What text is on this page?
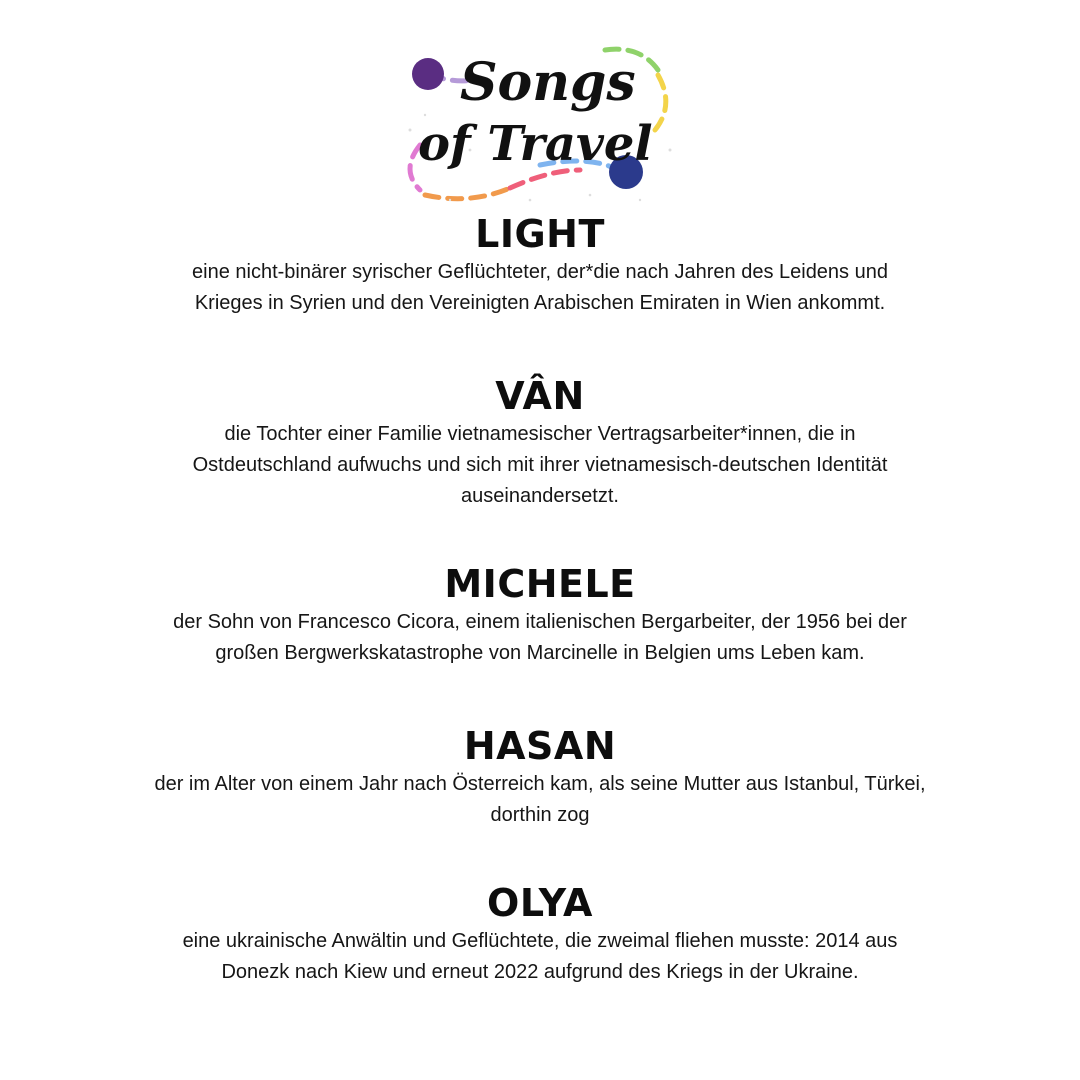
Songs
of Travel
LIGHT

eine nicht-binärer syrischer Geflüchteter, der*die nach Jahren des Leidens und
Krieges in Syrien und den Vereinigten Arabischen Emiraten in Wien ankommt.

VÂN

die Tochter einer Familie vietnamesischer Vertragsarbeiter*innen, die in
Ostdeutschland aufwuchs und sich mit ihrer vietnamesisch-deutschen Identität
auseinandersetzt.

MICHELE

der Sohn von Francesco Cicora, einem italienischen Bergarbeiter, der 1956 bei der
großen Bergwerkskatastrophe von Marcinelle in Belgien ums Leben kam.

HASAN

der im Alter von einem Jahr nach Österreich kam, als seine Mutter aus Istanbul, Türkei,
dorthin zog

OLYA

eine ukrainische Anwältin und Geflüchtete, die zweimal fliehen musste: 2014 aus
Donezk nach Kiew und erneut 2022 aufgrund des Kriegs in der Ukraine.
